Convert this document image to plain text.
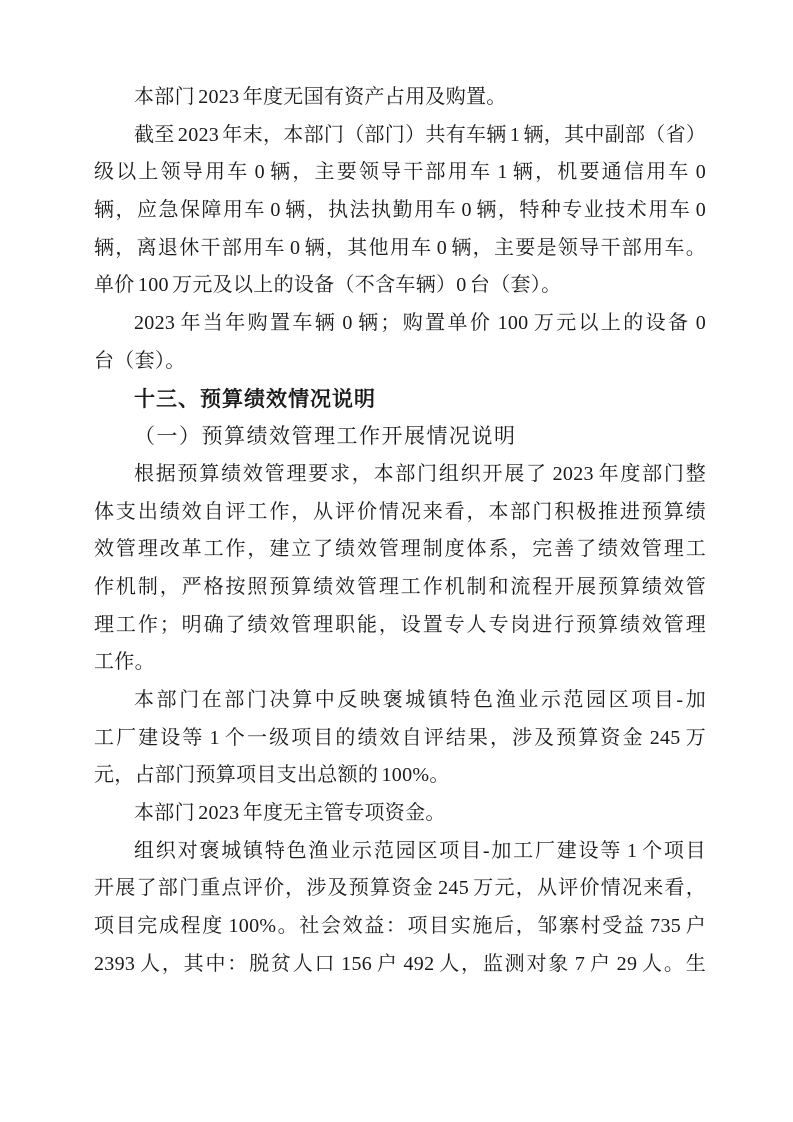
本部门 2023 年度无国有资产占用及购置。
截至 2023 年末，本部门（部门）共有车辆 1 辆，其中副部（省）
级以上领导用车 0 辆，主要领导干部用车 1 辆，机要通信用车 0
辆，应急保障用车 0 辆，执法执勤用车 0 辆，特种专业技术用车 0
辆，离退休干部用车 0 辆，其他用车 0 辆，主要是领导干部用车。
单价 100 万元及以上的设备（不含车辆）0 台（套）。
2023 年当年购置车辆 0 辆；购置单价 100 万元以上的设备 0
台（套）。
十三、预算绩效情况说明
（一）预算绩效管理工作开展情况说明
根据预算绩效管理要求，本部门组织开展了 2023 年度部门整
体支出绩效自评工作，从评价情况来看，本部门积极推进预算绩
效管理改革工作，建立了绩效管理制度体系，完善了绩效管理工
作机制，严格按照预算绩效管理工作机制和流程开展预算绩效管
理工作；明确了绩效管理职能，设置专人专岗进行预算绩效管理
工作。
本部门在部门决算中反映褒城镇特色渔业示范园区项目-加
工厂建设等 1 个一级项目的绩效自评结果，涉及预算资金 245 万
元，占部门预算项目支出总额的 100%。
本部门 2023 年度无主管专项资金。
组织对褒城镇特色渔业示范园区项目-加工厂建设等 1 个项目
开展了部门重点评价，涉及预算资金 245 万元，从评价情况来看，
项目完成程度 100%。社会效益：项目实施后，邹寨村受益 735 户
2393 人，其中：脱贫人口 156 户 492 人，监测对象 7 户 29 人。生
